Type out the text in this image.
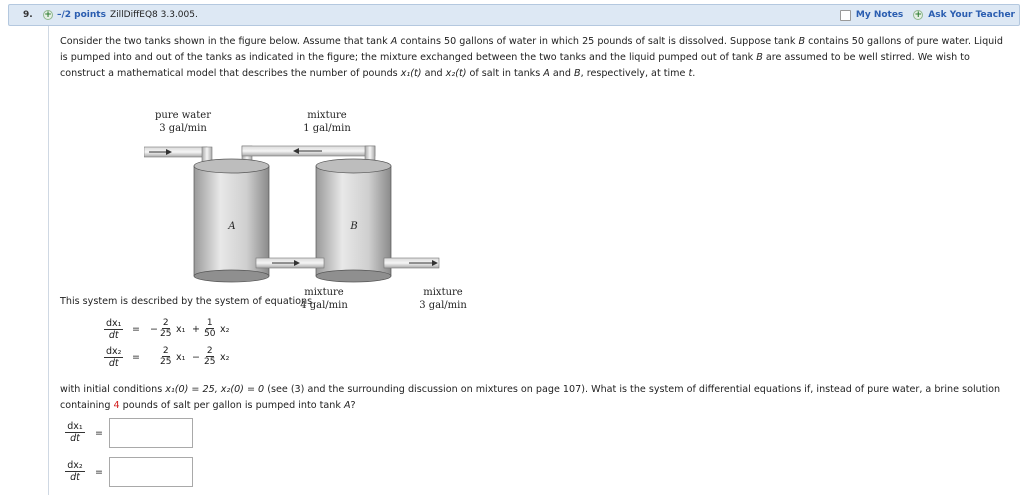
9.	+ –/2 points ZillDiffEQ8 3.3.005.	My Notes + Ask Your Teacher
Consider the two tanks shown in the figure below. Assume that tank A contains 50 gallons of water in which 25 pounds of salt is dissolved. Suppose tank B contains 50 gallons of pure water. Liquid is pumped into and out of the tanks as indicated in the figure; the mixture exchanged between the two tanks and the liquid pumped out of tank B are assumed to be well stirred. We wish to construct a mathematical model that describes the number of pounds x₁(t) and x₂(t) of salt in tanks A and B, respectively, at time t.
pure water
3 gal/min
mixture
1 gal/min
A	B
mixture
4 gal/min
mixture
3 gal/min
This system is described by the system of equations
$\frac{\text{dx₁}}{dt}$ = − $\frac{2}{25} x_1 + \frac{1}{50} x_2$
$\frac{\text{dx₂}}{dt} = \frac{2}{25} x_1 - \frac{2}{25} x_2$
with initial conditions x₁(0) = 25, x₂(0) = 0 (see (3) and the surrounding discussion on mixtures on page 107). What is the system of differential equations if, instead of pure water, a brine solution containing 4 pounds of salt per gallon is pumped into tank A?
$\frac{\text{dx₁}}{dt}$ =
$\frac{\text{dx₂}}{dt}$ =
